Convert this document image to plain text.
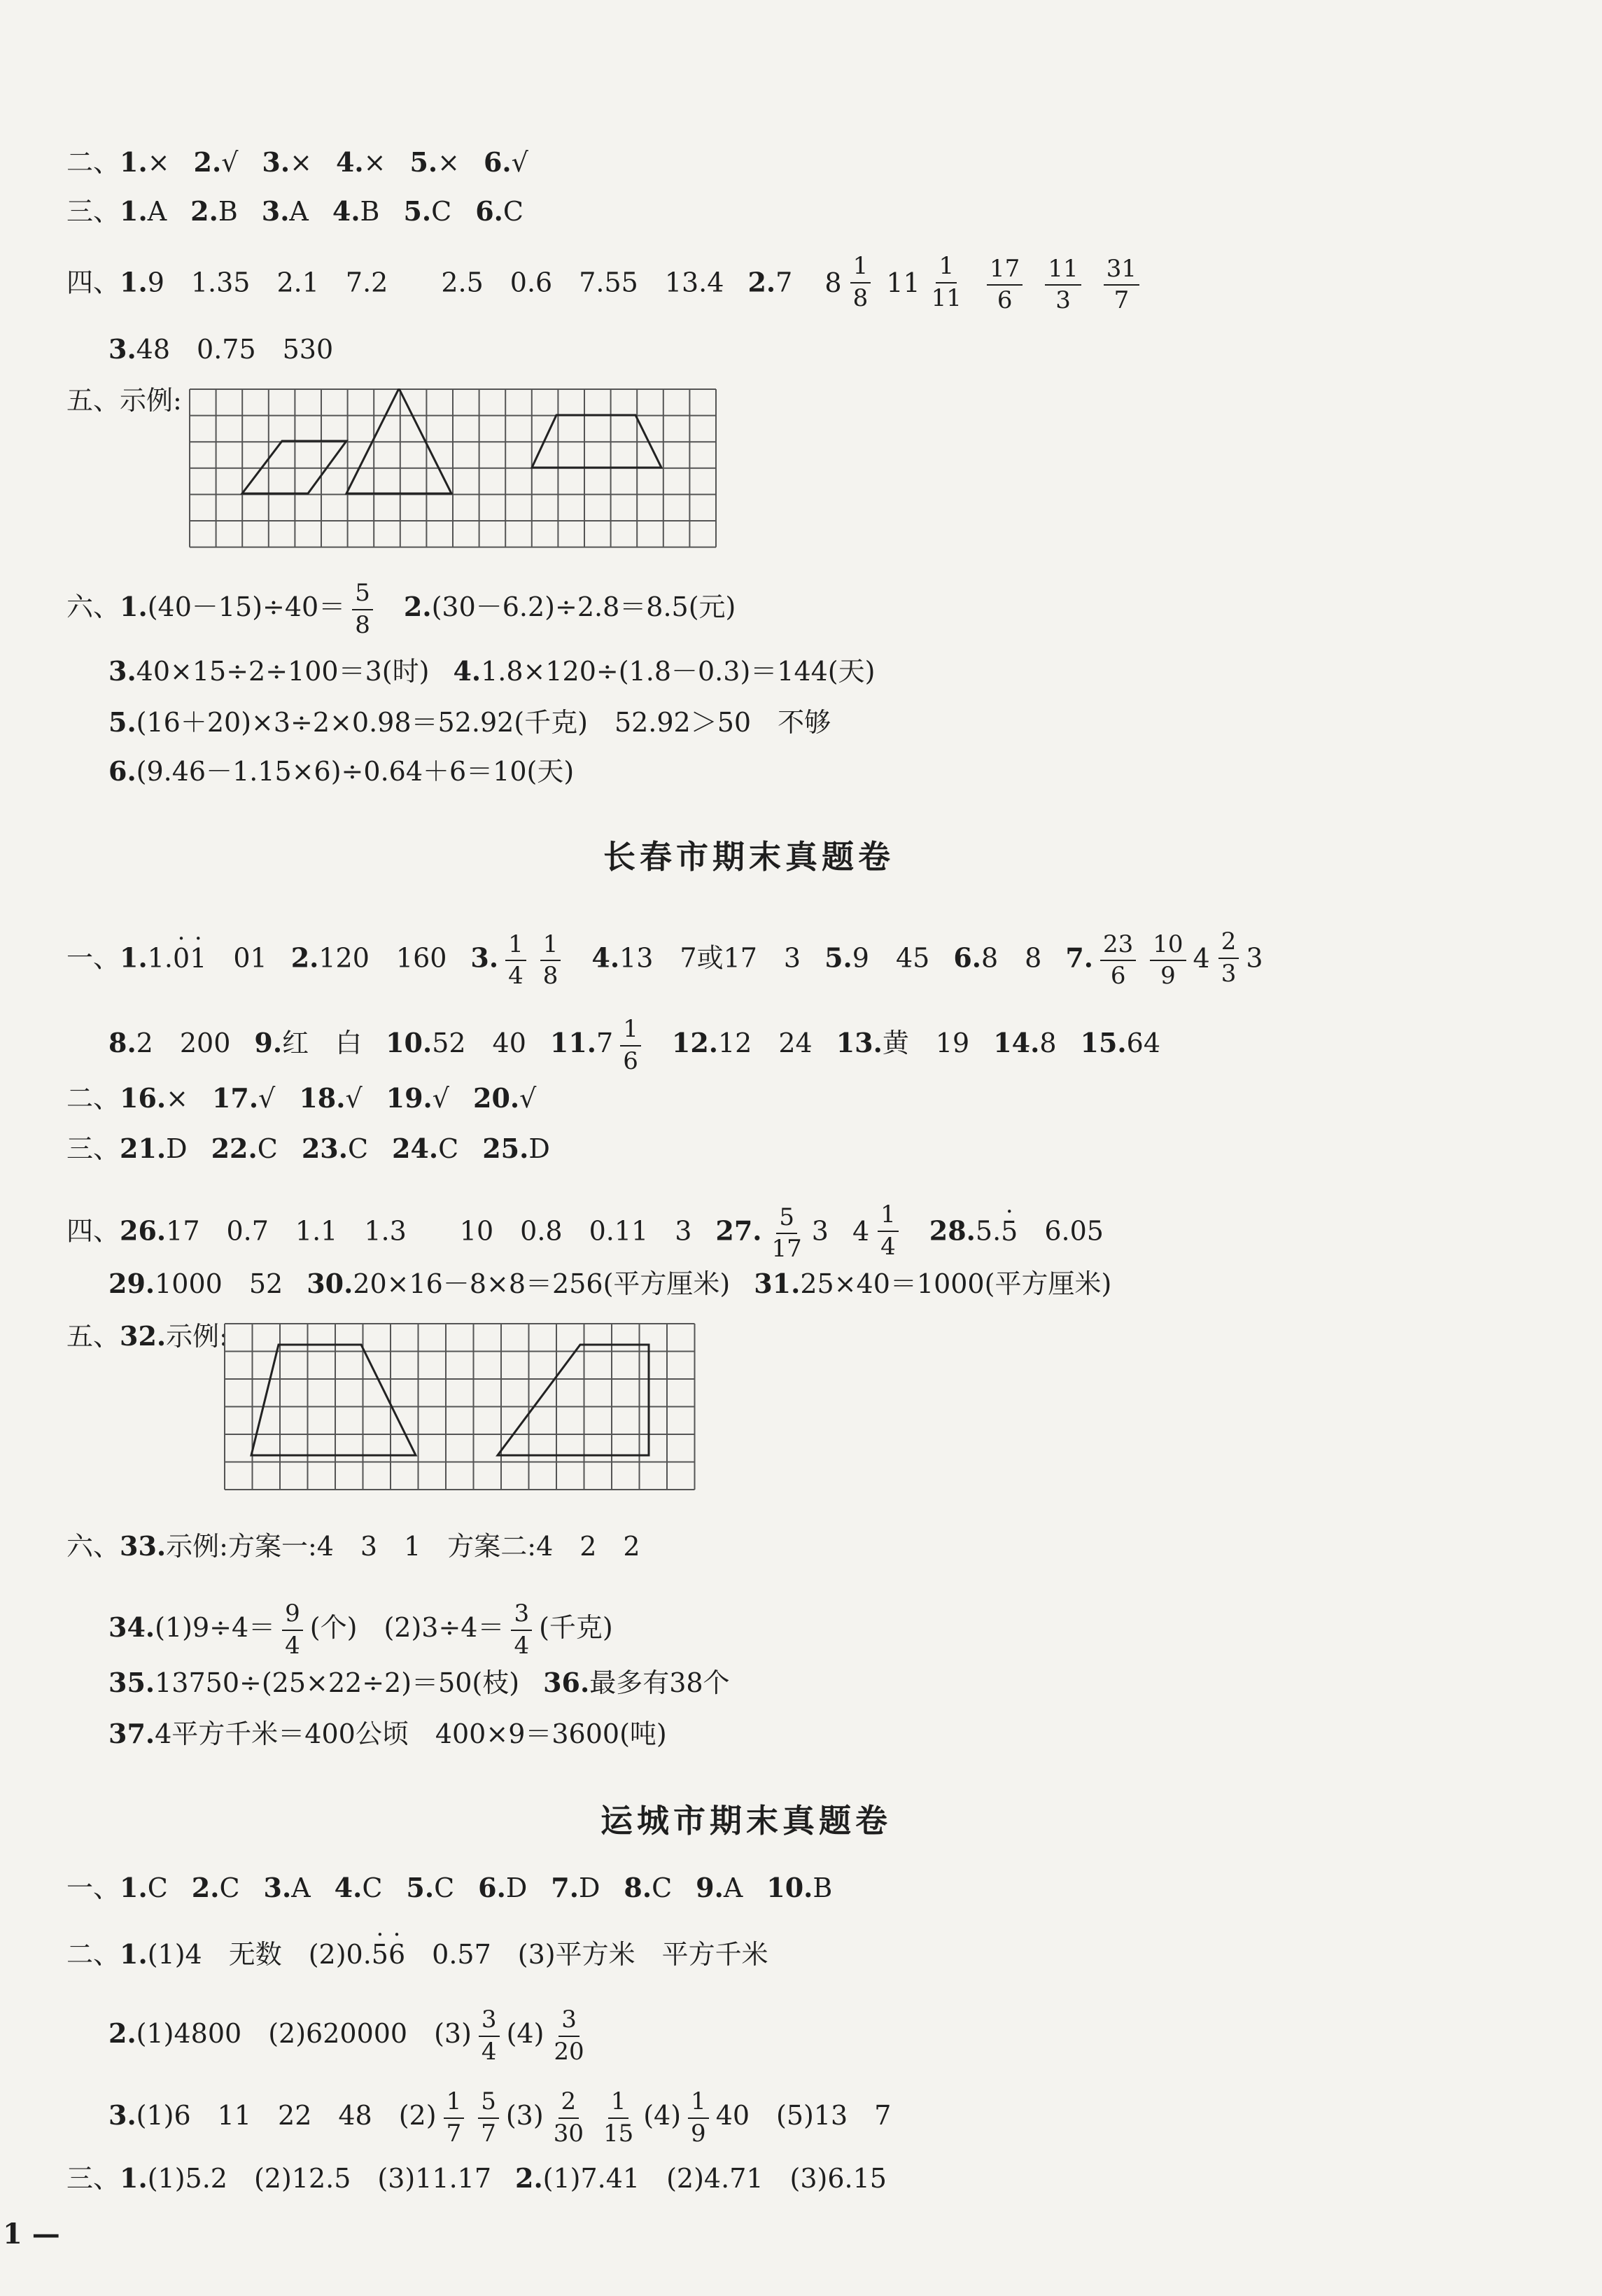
二、1.× 2.√ 3.× 4.× 5.× 6.√
三、1.A 2.B 3.A 4.B 5.C 6.C
四、1.9　1.35　2.1　7.2　　2.5　0.6　7.55　13.4 2.7 $8 \frac{1}{8}$
$11 \frac{1}{11}$
$\frac{17}{6}$
$\frac{11}{3}$
$\frac{31}{7}$
3.48　0.75　530
五、示例:
六、$1.(40-15)\div 40= \frac{5}{8} 2.(30-6.2)\div 2.8=8.5$(元)
3.40×15÷2÷100＝3(时) 4.1.8×120÷(1.8－0.3)＝144(天)
5.(16＋20)×3÷2×0.98＝52.92(千克)　52.92＞50　不够
6.(9.46－1.15×6)÷0.64＋6＝10(天)
长春市期末真题卷
一、1.1.· 0· 1　01 2.120　160 3. $\frac{1}{4} \frac{1}{8} 4.13$　7或17　3 5.9　45 6.8　8 7. $\frac{23}{6} \frac{10}{9} 4 \frac{2}{3} 3$
8.2　200 9.红　白 10.52　40 $11.7 \frac{1}{6} 12.12$　24 13.黄　19 14.8 15.64
二、16.× 17.√ 18.√ 19.√ 20.√
三、21.D 22.C 23.C 24.C 25.D
四、26.17　0.7　1.1　1.3　　10　0.8　0.11　3 27. $\frac{5}{17} 3$ $4 \frac{1}{4} 28.5.\cdot 5$　6.05
29.1000　52 30.20×16－8×8＝256(平方厘米) 31.25×40＝1000(平方厘米)
五、32.示例:
六、33.示例:方案一:4　3　1　方案二:4　2　2
$34.(1)9\div 4= \frac{9}{4}$ (个)　$(2)3\div 4= \frac{3}{4}$ (千克)
35.13750÷(25×22÷2)＝50(枝) 36.最多有38个
37.4平方千米＝400公顷　400×9＝3600(吨)
运城市期末真题卷
一、1.C 2.C 3.A 4.C 5.C 6.D 7.D 8.C 9.A 10.B
二、1.(1)4　无数　(2)0.· 5· 6　0.57　(3)平方米　平方千米
2.(1)4800　(2)620000　$(3) \frac{3}{4} (4) \frac{3}{20}$
3.(1)6　11　22　48　$(2) \frac{1}{7} \frac{5}{7} (3) \frac{2}{30} \frac{1}{15} (4) \frac{1}{9} 40$　(5)13　7
三、1.(1)5.2　(2)12.5　(3)11.17 2.(1)7.41　(2)4.71　(3)6.15
1 —
